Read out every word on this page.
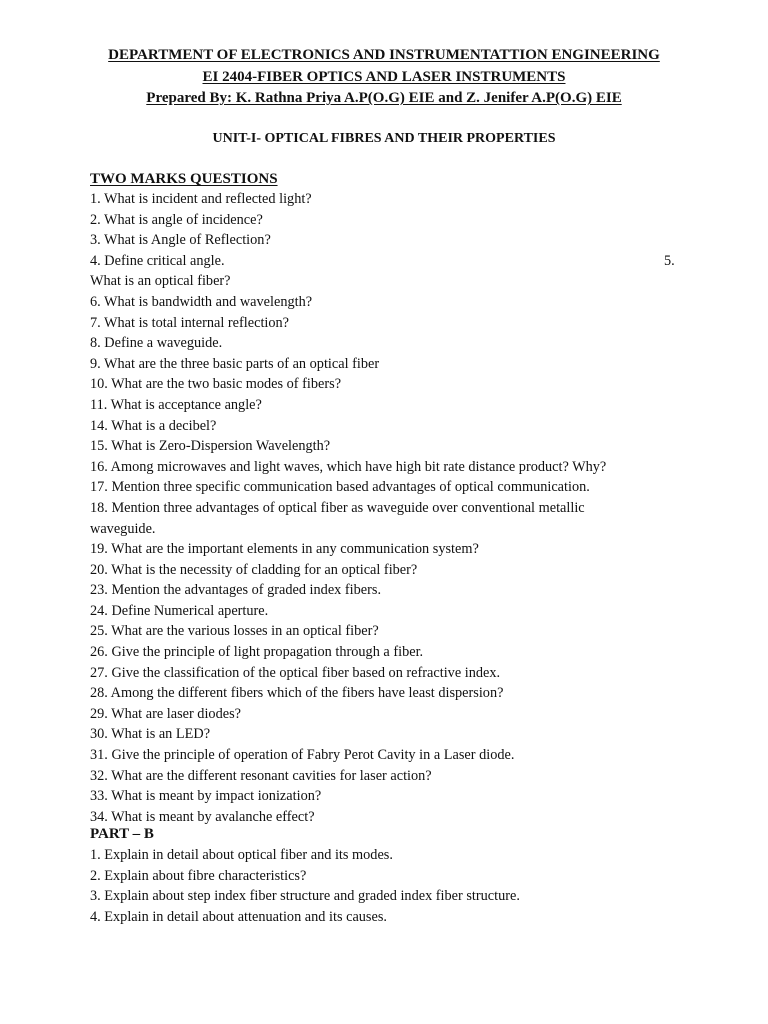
DEPARTMENT OF ELECTRONICS AND INSTRUMENTATTION ENGINEERING
EI 2404-FIBER OPTICS AND LASER INSTRUMENTS
Prepared By: K. Rathna Priya A.P(O.G) EIE and Z. Jenifer A.P(O.G) EIE
UNIT-I- OPTICAL FIBRES AND THEIR PROPERTIES
TWO MARKS QUESTIONS
1. What is incident and reflected light?
2. What is angle of incidence?
3. What is Angle of Reflection?
4. Define critical angle.	5.
What is an optical fiber?
6. What is bandwidth and wavelength?
7. What is total internal reflection?
8. Define a waveguide.
9. What are the three basic parts of an optical fiber
10. What are the two basic modes of fibers?
11. What is acceptance angle?
14. What is a decibel?
15. What is Zero-Dispersion Wavelength?
16. Among microwaves and light waves, which have high bit rate distance product? Why?
17. Mention three specific communication based advantages of optical communication.
18. Mention three advantages of optical fiber as waveguide over conventional metallic
waveguide.
19. What are the important elements in any communication system?
20. What is the necessity of cladding for an optical fiber?
23. Mention the advantages of graded index fibers.
24. Define Numerical aperture.
25. What are the various losses in an optical fiber?
26. Give the principle of light propagation through a fiber.
27. Give the classification of the optical fiber based on refractive index.
28. Among the different fibers which of the fibers have least dispersion?
29. What are laser diodes?
30. What is an LED?
31. Give the principle of operation of Fabry Perot Cavity in a Laser diode.
32. What are the different resonant cavities for laser action?
33. What is meant by impact ionization?
34. What is meant by avalanche effect?
PART – B
1. Explain in detail about optical fiber and its modes.
2. Explain about fibre characteristics?
3. Explain about step index fiber structure and graded index fiber structure.
4. Explain in detail about attenuation and its causes.
